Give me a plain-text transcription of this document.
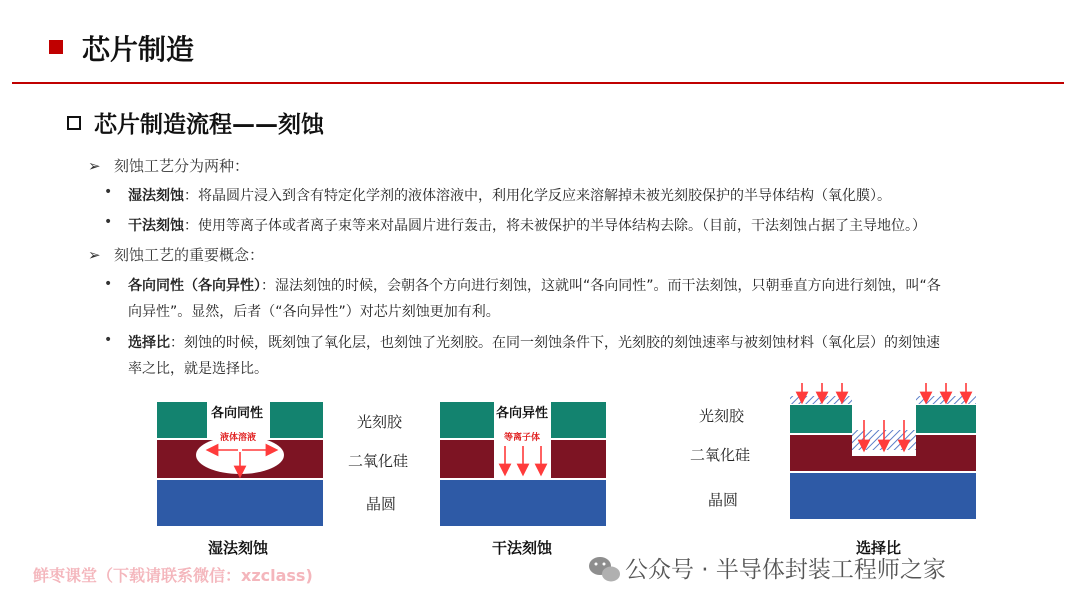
芯片制造
芯片制造流程——刻蚀
➢ 刻蚀工艺分为两种：
• 湿法刻蚀：将晶圆片浸入到含有特定化学剂的液体溶液中，利用化学反应来溶解掉未被光刻胶保护的半导体结构（氧化膜）。
• 干法刻蚀：使用等离子体或者离子束等来对晶圆片进行轰击，将未被保护的半导体结构去除。（目前，干法刻蚀占据了主导地位。）
➢ 刻蚀工艺的重要概念：
• 各向同性（各向异性）：湿法刻蚀的时候，会朝各个方向进行刻蚀，这就叫“各向同性”。而干法刻蚀，只朝垂直方向进行刻蚀，叫“各
向异性”。显然，后者（“各向异性”）对芯片刻蚀更加有利。
• 选择比：刻蚀的时候，既刻蚀了氧化层，也刻蚀了光刻胶。在同一刻蚀条件下，光刻胶的刻蚀速率与被刻蚀材料（氧化层）的刻蚀速
率之比，就是选择比。
各向同性
液体溶液
湿法刻蚀
各向异性
等离子体
干法刻蚀
光刻胶
二氧化硅
晶圆
光刻胶
二氧化硅
晶圆
选择比
鲜枣课堂（下载请联系微信：xzclass)	公众号 · 半导体封装工程师之家
